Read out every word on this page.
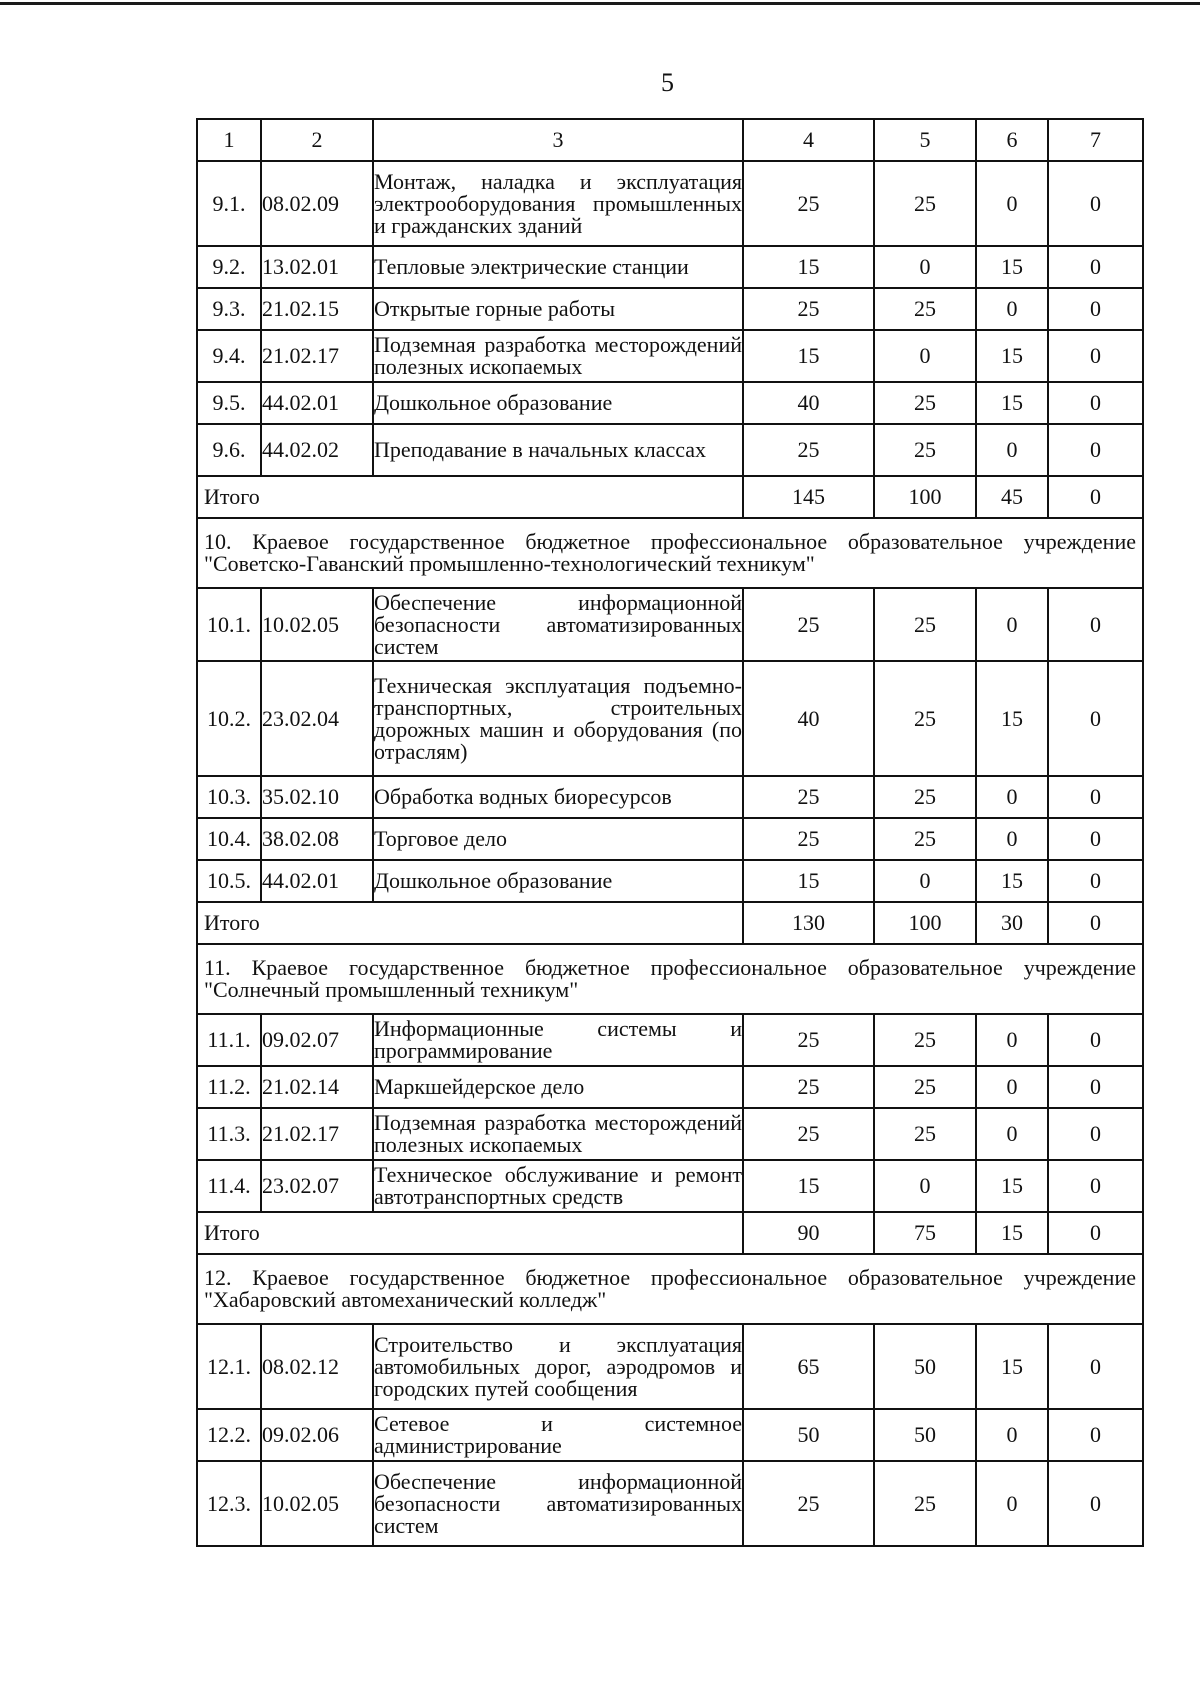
5
1	2	3	4	5	6	7
9.1.	08.02.09	Монтаж, наладка и эксплуатация электрооборудования промышленных и гражданских зданий	25	25	0	0
9.2.	13.02.01	Тепловые электрические станции	15	0	15	0
9.3.	21.02.15	Открытые горные работы	25	25	0	0
9.4.	21.02.17	Подземная разработка месторождений полезных ископаемых	15	0	15	0
9.5.	44.02.01	Дошкольное образование	40	25	15	0
9.6.	44.02.02	Преподавание в начальных классах	25	25	0	0
Итого			145	100	45	0
10. Краевое государственное бюджетное профессиональное образовательное учреждение "Советско-Гаванский промышленно-технологический техникум"						
10.1.	10.02.05	Обеспечение информационной безопасности автоматизированных систем	25	25	0	0
10.2.	23.02.04	Техническая эксплуатация подъемно-транспортных, строительных дорожных машин и оборудования (по отраслям)	40	25	15	0
10.3.	35.02.10	Обработка водных биоресурсов	25	25	0	0
10.4.	38.02.08	Торговое дело	25	25	0	0
10.5.	44.02.01	Дошкольное образование	15	0	15	0
Итого			130	100	30	0
11. Краевое государственное бюджетное профессиональное образовательное учреждение "Солнечный промышленный техникум"						
11.1.	09.02.07	Информационные системы и программирование	25	25	0	0
11.2.	21.02.14	Маркшейдерское дело	25	25	0	0
11.3.	21.02.17	Подземная разработка месторождений полезных ископаемых	25	25	0	0
11.4.	23.02.07	Техническое обслуживание и ремонт автотранспортных средств	15	0	15	0
Итого			90	75	15	0
12. Краевое государственное бюджетное профессиональное образовательное учреждение "Хабаровский автомеханический колледж"						
12.1.	08.02.12	Строительство и эксплуатация автомобильных дорог, аэродромов и городских путей сообщения	65	50	15	0
12.2.	09.02.06	Сетевое и системное администрирование	50	50	0	0
12.3.	10.02.05	Обеспечение информационной безопасности автоматизированных систем	25	25	0	0
